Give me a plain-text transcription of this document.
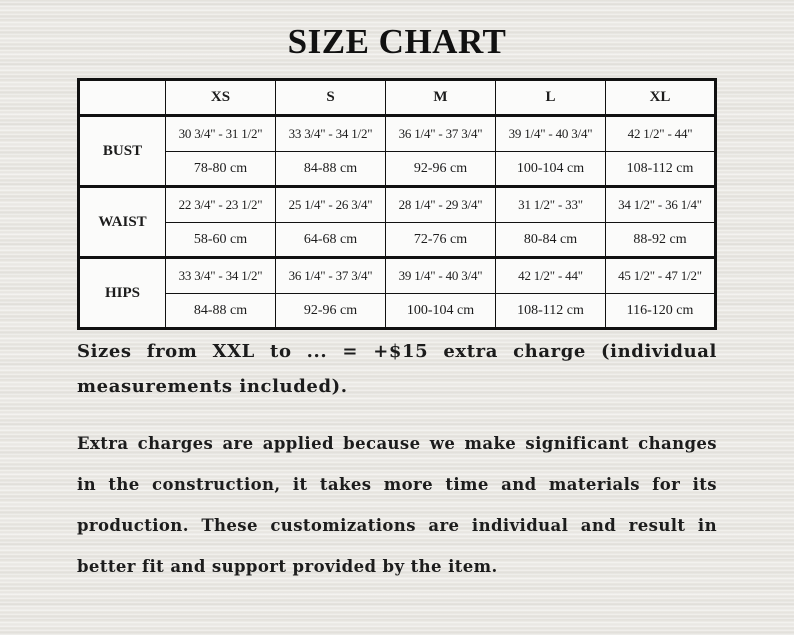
SIZE CHART
	XS	S	M	L	XL
BUST	30 3/4" - 31 1/2"	33 3/4" - 34 1/2"	36 1/4" - 37 3/4"	39 1/4" - 40 3/4"	42 1/2" - 44"
	78-80 cm	84-88 cm	92-96 cm	100-104 cm	108-112 cm
WAIST	22 3/4" - 23 1/2"	25 1/4" - 26 3/4"	28 1/4" - 29 3/4"	31 1/2" - 33"	34 1/2" - 36 1/4"
	58-60 cm	64-68 cm	72-76 cm	80-84 cm	88-92 cm
HIPS	33 3/4" - 34 1/2"	36 1/4" - 37 3/4"	39 1/4" - 40 3/4"	42 1/2" - 44"	45 1/2" - 47 1/2"
	84-88 cm	92-96 cm	100-104 cm	108-112 cm	116-120 cm
Sizes from XXL to ... = +$15 extra charge (individual measurements included).
Extra charges are applied because we make significant changes in the construction, it takes more time and materials for its production. These customizations are individual and result in better fit and support provided by the item.
